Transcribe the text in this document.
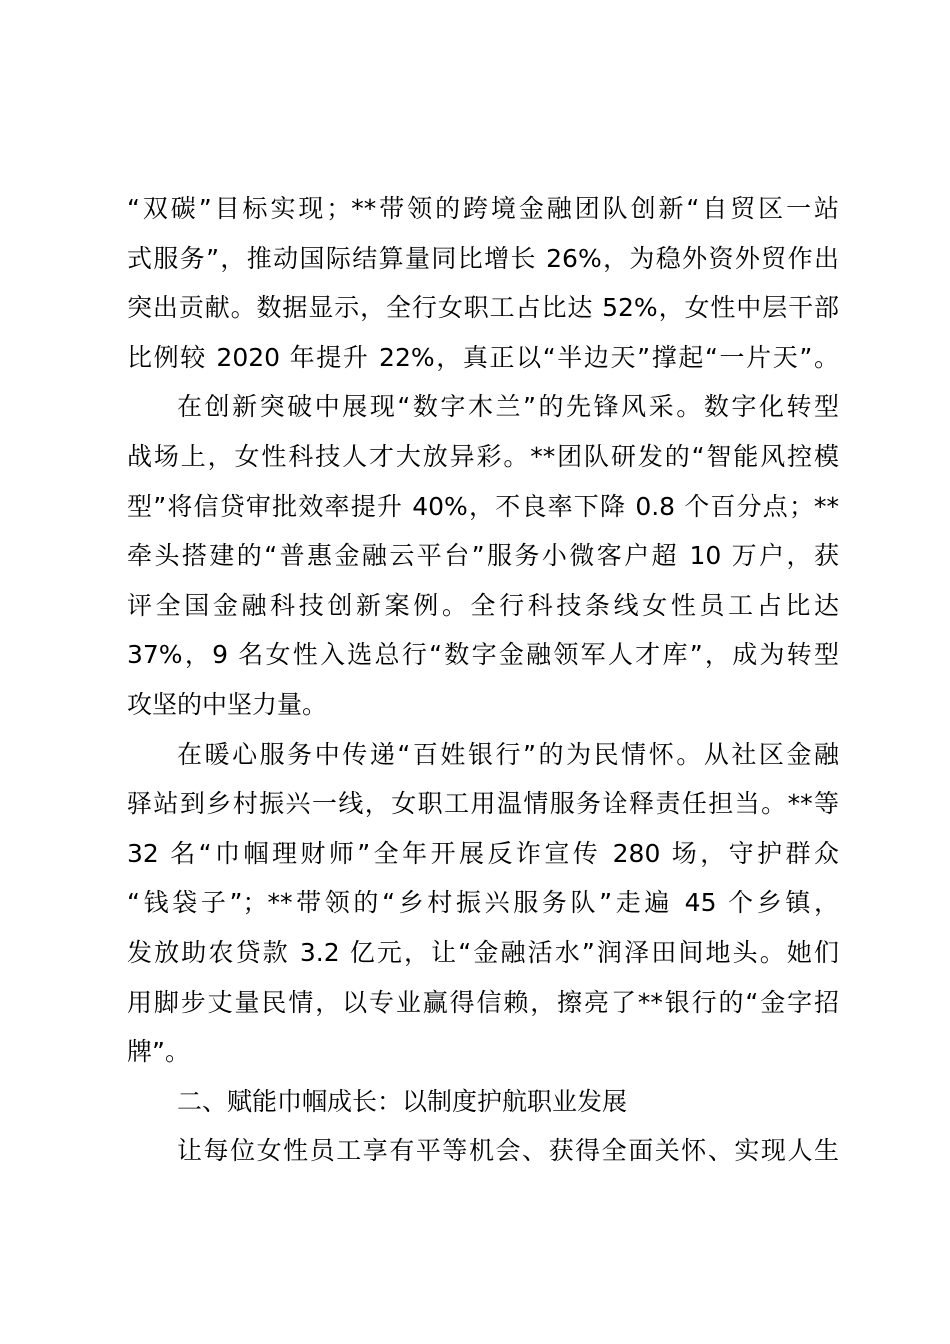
“双碳”目标实现；**带领的跨境金融团队创新“自贸区一站
式服务”，推动国际结算量同比增长 26%，为稳外资外贸作出
突出贡献。数据显示，全行女职工占比达 52%，女性中层干部
比例较 2020 年提升 22%，真正以“半边天”撑起“一片天”。
在创新突破中展现“数字木兰”的先锋风采。数字化转型
战场上，女性科技人才大放异彩。**团队研发的“智能风控模
型”将信贷审批效率提升 40%，不良率下降 0.8 个百分点；**
牵头搭建的“普惠金融云平台”服务小微客户超 10 万户，获
评全国金融科技创新案例。全行科技条线女性员工占比达
37%，9 名女性入选总行“数字金融领军人才库”，成为转型
攻坚的中坚力量。
在暖心服务中传递“百姓银行”的为民情怀。从社区金融
驿站到乡村振兴一线，女职工用温情服务诠释责任担当。**等
32 名“巾帼理财师”全年开展反诈宣传 280 场，守护群众
“钱袋子”；**带领的“乡村振兴服务队”走遍 45 个乡镇，
发放助农贷款 3.2 亿元，让“金融活水”润泽田间地头。她们
用脚步丈量民情，以专业赢得信赖，擦亮了**银行的“金字招
牌”。
二、赋能巾帼成长：以制度护航职业发展
让每位女性员工享有平等机会、获得全面关怀、实现人生
